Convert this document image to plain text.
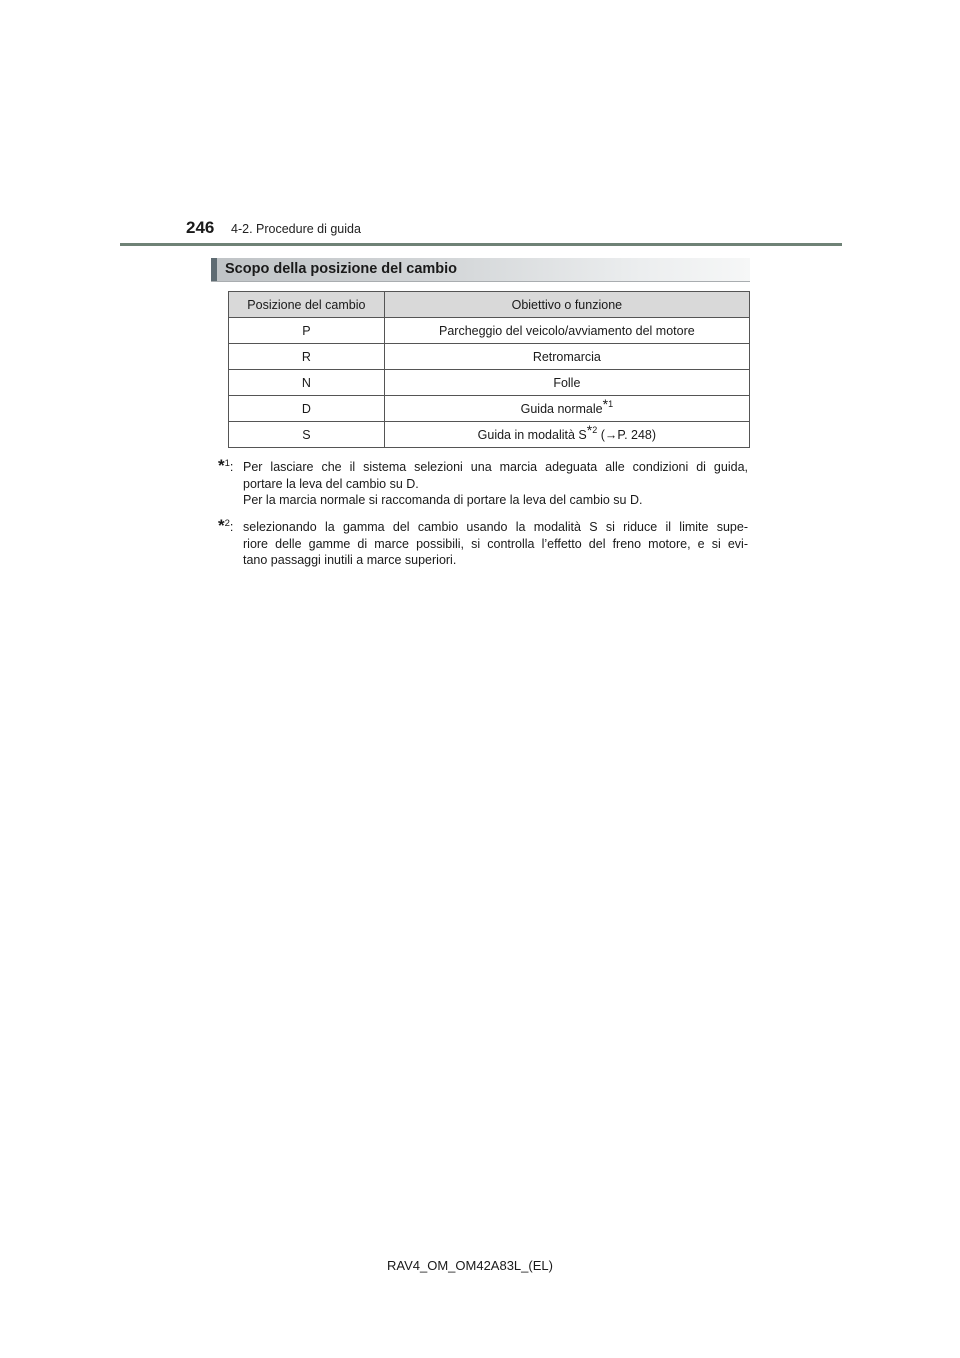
246 4-2. Procedure di guida
Scopo della posizione del cambio
Posizione del cambio	Obiettivo o funzione
P	Parcheggio del veicolo/avviamento del motore
R	Retromarcia
N	Folle
D	Guida normale$^{*1}$
S	Guida in modalità $S^{*2}$ (→P. 248)
*$^1$: Per lasciare che il sistema selezioni una marcia adeguata alle condizioni di guida,
portare la leva del cambio su D.
Per la marcia normale si raccomanda di portare la leva del cambio su D.
*$^2$: selezionando la gamma del cambio usando la modalità S si riduce il limite supe-
riore delle gamme di marce possibili, si controlla l’effetto del freno motore, e si evi-
tano passaggi inutili a marce superiori.
RAV4_OM_OM42A83L_(EL)
